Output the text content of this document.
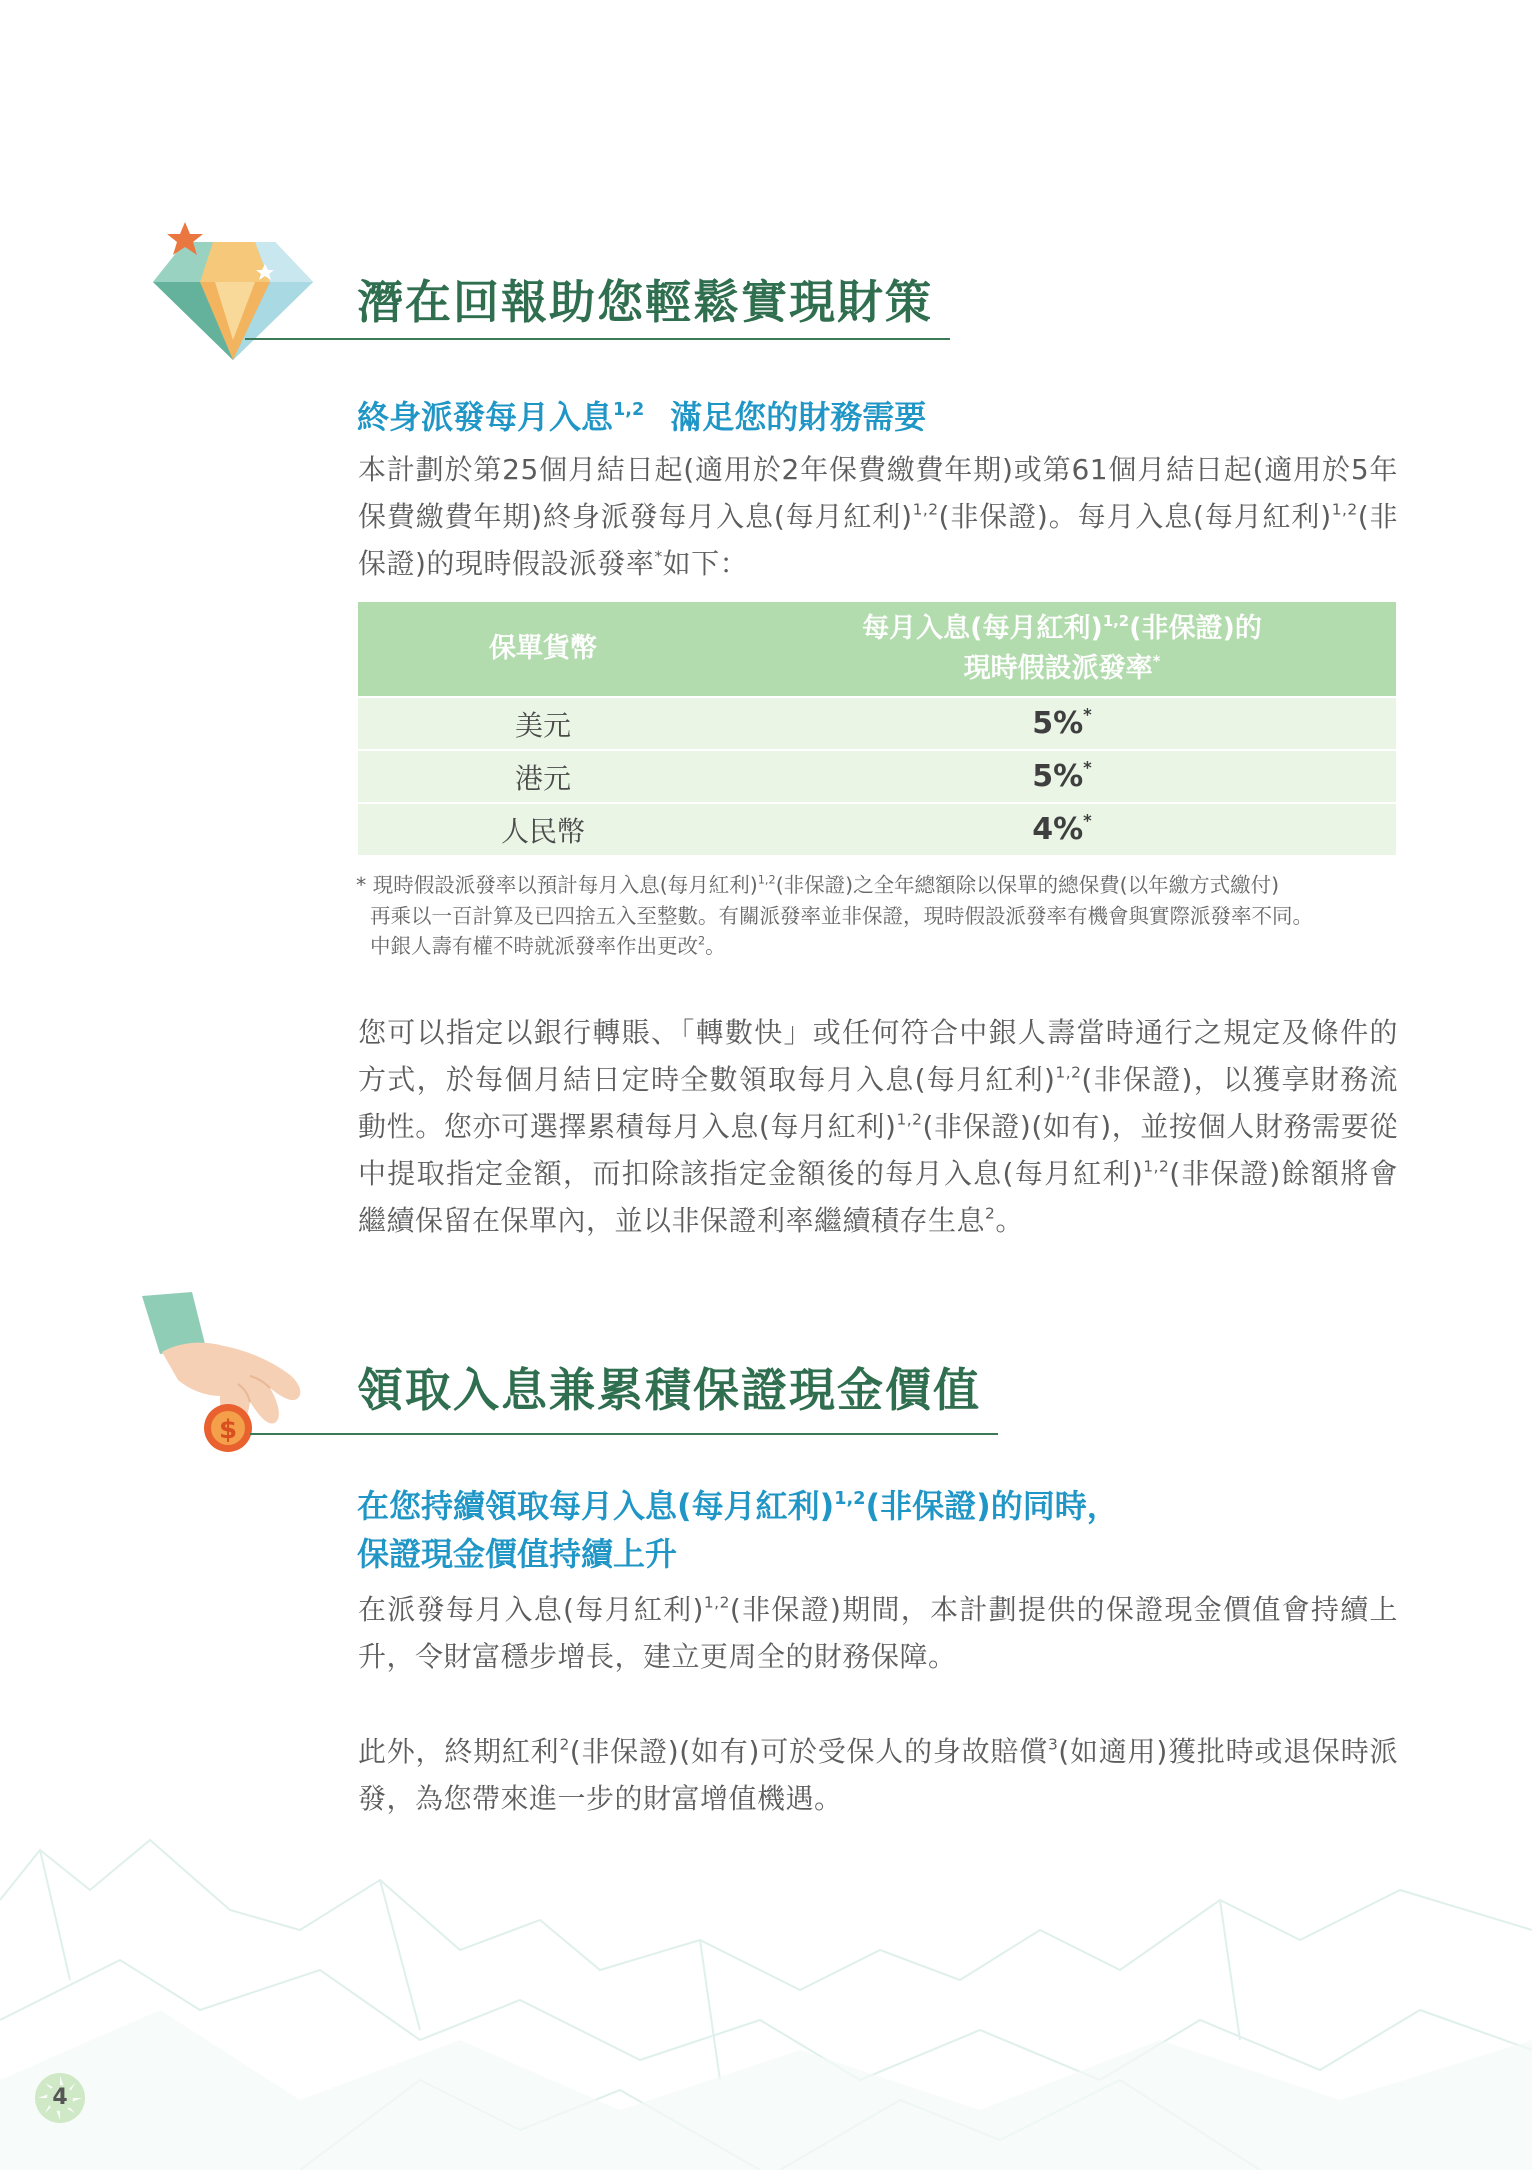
潛在回報助您輕鬆實現財策
終身派發每月入息$^{1,2}$ 滿足您的財務需要

本計劃於第25個月結日起(適用於2年保費繳費年期)或第61個月結日起(適用於5年保費繳費年期)終身派發每月入息(每月紅利)$^{1,2}$(非保證)。每月入息(每月紅利)$^{1,2}$(非保證)的現時假設派發率*如下：

保單貨幣	每月入息(每月紅利)$^{1,2}$(非保證)的
現時假設派發率*
美元	5%*
港元	5%*
人民幣	4%*

* 現時假設派發率以預計每月入息(每月紅利)$^{1,2}$(非保證)之全年總額除以保單的總保費(以年繳方式繳付)
再乘以一百計算及已四捨五入至整數。有關派發率並非保證，現時假設派發率有機會與實際派發率不同。
中銀人壽有權不時就派發率作出更改$^2$。

您可以指定以銀行轉賬、「轉數快」或任何符合中銀人壽當時通行之規定及條件的方式，於每個月結日定時全數領取每月入息(每月紅利)$^{1,2}$(非保證)，以獲享財務流動性。您亦可選擇累積每月入息(每月紅利)$^{1,2}$(非保證)(如有)，並按個人財務需要從中提取指定金額，而扣除該指定金額後的每月入息(每月紅利)$^{1,2}$(非保證)餘額將會繼續保留在保單內，並以非保證利率繼續積存生息$^2$。

$
領取入息兼累積保證現金價值
在您持續領取每月入息(每月紅利)$^{1,2}$(非保證)的同時，
保證現金價值持續上升

在派發每月入息(每月紅利)$^{1,2}$(非保證)期間，本計劃提供的保證現金價值會持續上升，令財富穩步增長，建立更周全的財務保障。

此外，終期紅利$^2$(非保證)(如有)可於受保人的身故賠償$^3$(如適用)獲批時或退保時派發，為您帶來進一步的財富增值機遇。

4
